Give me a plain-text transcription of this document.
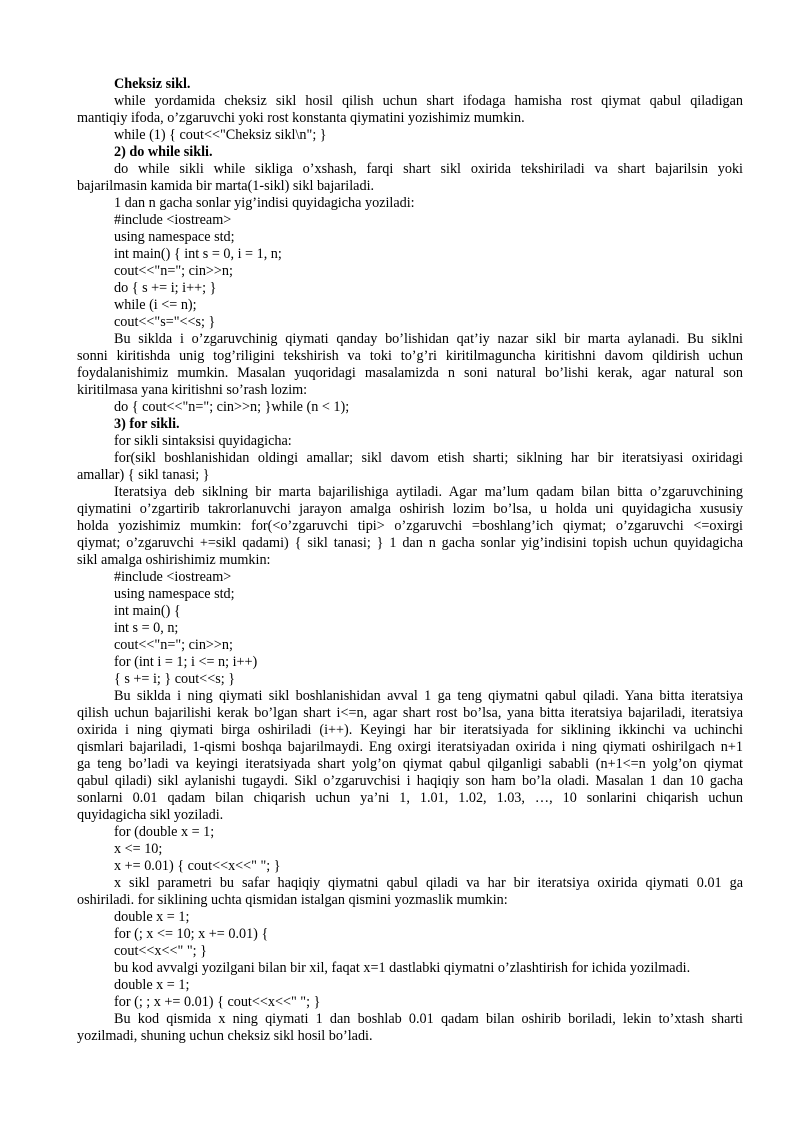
Cheksiz sikl.
while yordamida cheksiz sikl hosil qilish uchun shart ifodaga hamisha rost qiymat qabul qiladigan
mantiqiy ifoda, o’zgaruvchi yoki rost konstanta qiymatini yozishimiz mumkin.
while (1) { cout<<"Cheksiz sikl\n"; }
2) do while sikli.
do while sikli while sikliga o’xshash, farqi shart sikl oxirida tekshiriladi va shart bajarilsin yoki
bajarilmasin kamida bir marta(1-sikl) sikl bajariladi.
1 dan n gacha sonlar yig’indisi quyidagicha yoziladi:
#include <iostream>
using namespace std;
int main() { int s = 0, i = 1, n;
cout<<"n="; cin>>n;
do { s += i; i++; }
while (i <= n);
cout<<"s="<<s; }
Bu siklda i o’zgaruvchinig qiymati qanday bo’lishidan qat’iy nazar sikl bir marta aylanadi. Bu siklni
sonni kiritishda unig tog’riligini tekshirish va toki to’g’ri kiritilmaguncha kiritishni davom qildirish uchun
foydalanishimiz mumkin. Masalan yuqoridagi masalamizda n soni natural bo’lishi kerak, agar natural son
kiritilmasa yana kiritishni so’rash lozim:
do { cout<<"n="; cin>>n; }while (n < 1);
3) for sikli.
for sikli sintaksisi quyidagicha:
for(sikl boshlanishidan oldingi amallar; sikl davom etish sharti; siklning har bir iteratsiyasi oxiridagi
amallar) { sikl tanasi; }
Iteratsiya deb siklning bir marta bajarilishiga aytiladi. Agar ma’lum qadam bilan bitta o’zgaruvchining
qiymatini o’zgartirib takrorlanuvchi jarayon amalga oshirish lozim bo’lsa, u holda uni quyidagicha xususiy
holda yozishimiz mumkin: for(<o’zgaruvchi tipi> o’zgaruvchi =boshlang’ich qiymat; o’zgaruvchi <=oxirgi
qiymat; o’zgaruvchi +=sikl qadami) { sikl tanasi; } 1 dan n gacha sonlar yig’indisini topish uchun quyidagicha
sikl amalga oshirishimiz mumkin:
#include <iostream>
using namespace std;
int main() {
int s = 0, n;
cout<<"n="; cin>>n;
for (int i = 1; i <= n; i++)
{ s += i; } cout<<s; }
Bu siklda i ning qiymati sikl boshlanishidan avval 1 ga teng qiymatni qabul qiladi. Yana bitta iteratsiya
qilish uchun bajarilishi kerak bo’lgan shart i<=n, agar shart rost bo’lsa, yana bitta iteratsiya bajariladi, iteratsiya
oxirida i ning qiymati birga oshiriladi (i++). Keyingi har bir iteratsiyada for siklining ikkinchi va uchinchi
qismlari bajariladi, 1-qismi boshqa bajarilmaydi. Eng oxirgi iteratsiyadan oxirida i ning qiymati oshirilgach n+1
ga teng bo’ladi va keyingi iteratsiyada shart yolg’on qiymat qabul qilganligi sababli (n+1<=n yolg’on qiymat
qabul qiladi) sikl aylanishi tugaydi. Sikl o’zgaruvchisi i haqiqiy son ham bo’la oladi. Masalan 1 dan 10 gacha
sonlarni 0.01 qadam bilan chiqarish uchun ya’ni 1, 1.01, 1.02, 1.03, …, 10 sonlarini chiqarish uchun
quyidagicha sikl yoziladi.
for (double x = 1;
x <= 10;
x += 0.01) { cout<<x<<" "; }
x sikl parametri bu safar haqiqiy qiymatni qabul qiladi va har bir iteratsiya oxirida qiymati 0.01 ga
oshiriladi. for siklining uchta qismidan istalgan qismini yozmaslik mumkin:
double x = 1;
for (; x <= 10; x += 0.01) {
cout<<x<<" "; }
bu kod avvalgi yozilgani bilan bir xil, faqat x=1 dastlabki qiymatni o’zlashtirish for ichida yozilmadi.
double x = 1;
for (; ; x += 0.01) { cout<<x<<" "; }
Bu kod qismida x ning qiymati 1 dan boshlab 0.01 qadam bilan oshirib boriladi, lekin to’xtash sharti
yozilmadi, shuning uchun cheksiz sikl hosil bo’ladi.
